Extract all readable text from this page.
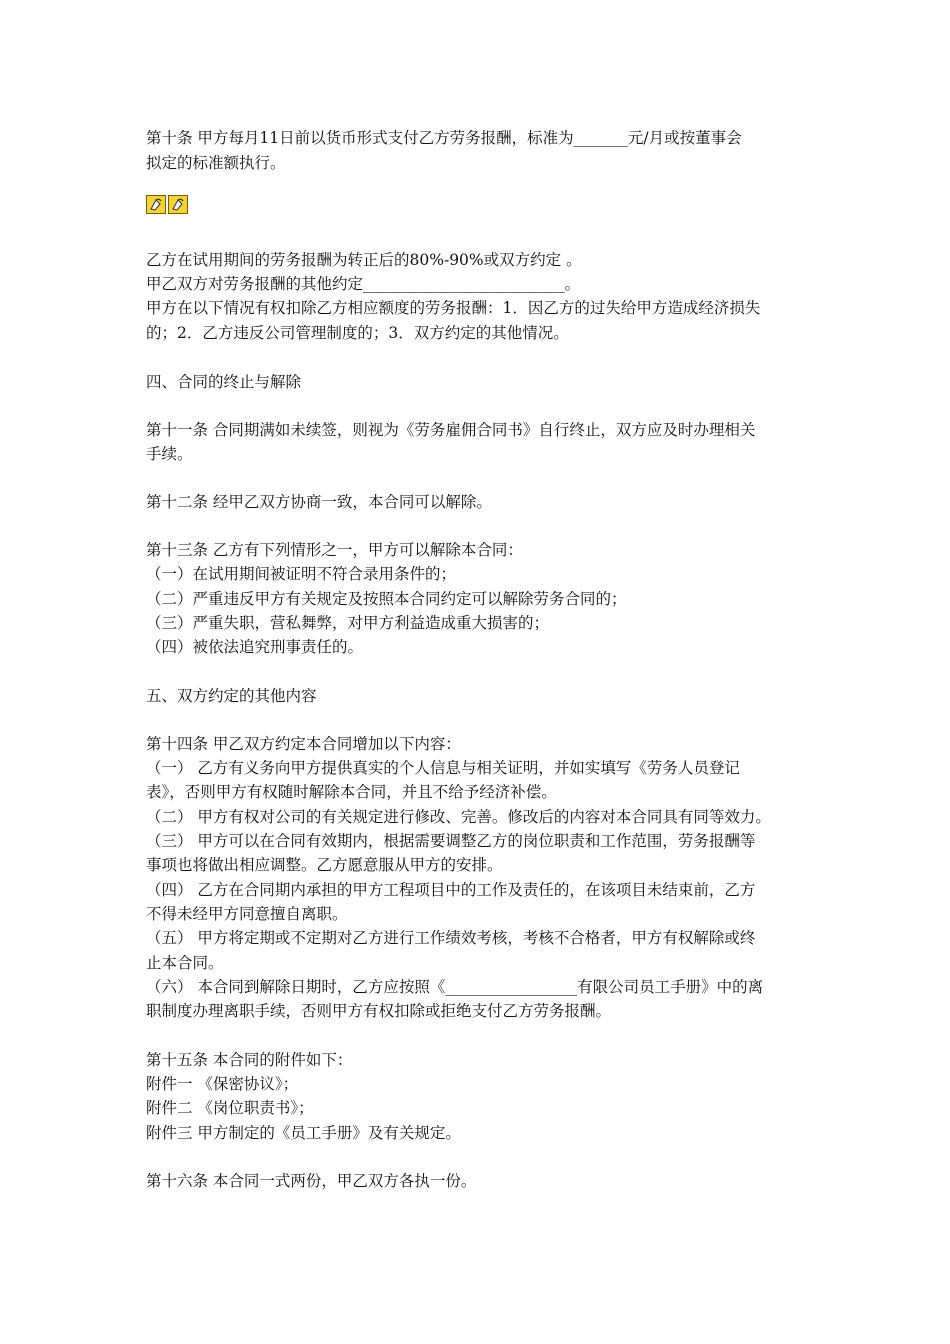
第十条 甲方每月11日前以货币形式支付乙方劳务报酬，标准为_______元/月或按董事会
拟定的标准额执行。
乙方在试用期间的劳务报酬为转正后的80%-90%或双方约定 。
甲乙双方对劳务报酬的其他约定__________________________。
甲方在以下情况有权扣除乙方相应额度的劳务报酬：1．因乙方的过失给甲方造成经济损失
的；2．乙方违反公司管理制度的；3．双方约定的其他情况。
四、合同的终止与解除
第十一条 合同期满如未续签，则视为《劳务雇佣合同书》自行终止，双方应及时办理相关
手续。
第十二条 经甲乙双方协商一致，本合同可以解除。
第十三条 乙方有下列情形之一，甲方可以解除本合同：
（一）在试用期间被证明不符合录用条件的；
（二）严重违反甲方有关规定及按照本合同约定可以解除劳务合同的；
（三）严重失职，营私舞弊，对甲方利益造成重大损害的；
（四）被依法追究刑事责任的。
五、双方约定的其他内容
第十四条 甲乙双方约定本合同增加以下内容：
（一） 乙方有义务向甲方提供真实的个人信息与相关证明，并如实填写《劳务人员登记
表》，否则甲方有权随时解除本合同，并且不给予经济补偿。
（二） 甲方有权对公司的有关规定进行修改、完善。修改后的内容对本合同具有同等效力。
（三） 甲方可以在合同有效期内，根据需要调整乙方的岗位职责和工作范围，劳务报酬等
事项也将做出相应调整。乙方愿意服从甲方的安排。
（四） 乙方在合同期内承担的甲方工程项目中的工作及责任的，在该项目未结束前，乙方
不得未经甲方同意擅自离职。
（五） 甲方将定期或不定期对乙方进行工作绩效考核，考核不合格者，甲方有权解除或终
止本合同。
（六） 本合同到解除日期时，乙方应按照《_________________有限公司员工手册》中的离
职制度办理离职手续，否则甲方有权扣除或拒绝支付乙方劳务报酬。
第十五条 本合同的附件如下：
附件一 《保密协议》；
附件二 《岗位职责书》；
附件三 甲方制定的《员工手册》及有关规定。
第十六条 本合同一式两份，甲乙双方各执一份。
